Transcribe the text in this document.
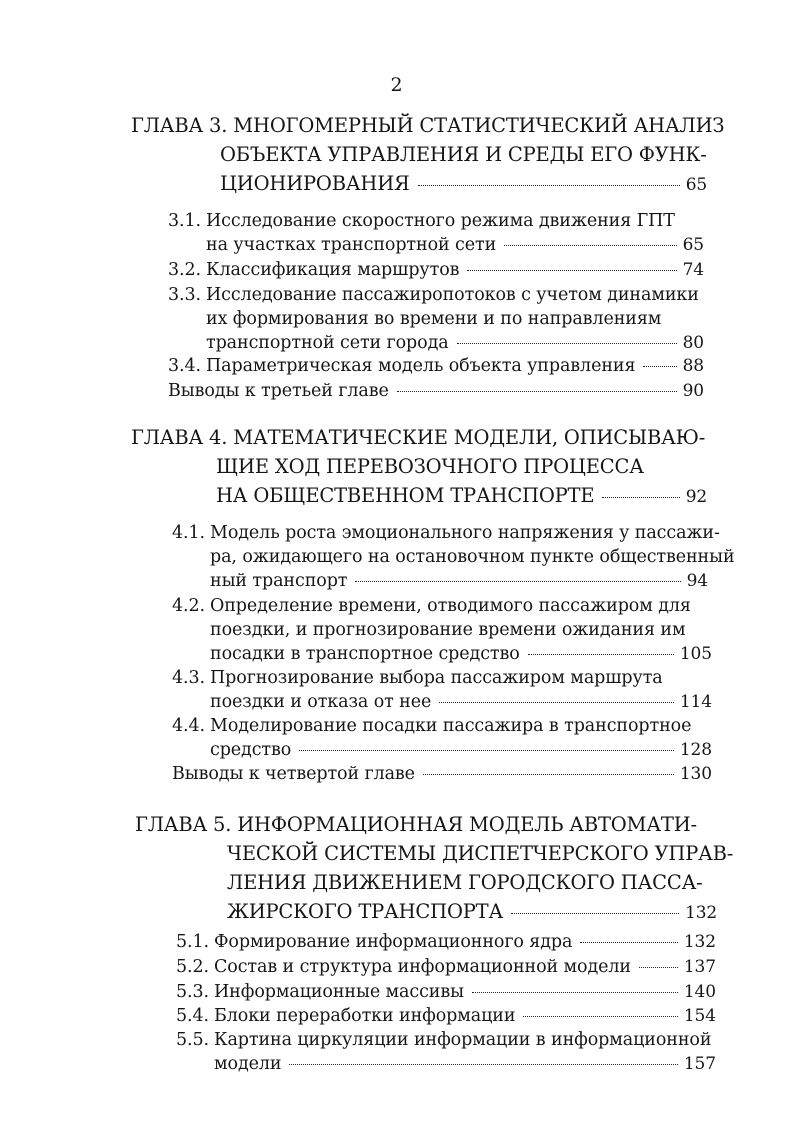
2
ГЛАВА 3. МНОГОМЕРНЫЙ СТАТИСТИЧЕСКИЙ АНАЛИЗ
ОБЪЕКТА УПРАВЛЕНИЯ И СРЕДЫ ЕГО ФУНК-
ЦИОНИРОВАНИЯ	65
3.1. Исследование скоростного режима движения ГПТ
на участках транспортной сети	65
3.2. Классификация маршрутов	74
3.3. Исследование пассажиропотоков с учетом динамики
их формирования во времени и по направлениям
транспортной сети города	80
3.4. Параметрическая модель объекта управления	88
Выводы к третьей главе	90
ГЛАВА 4. МАТЕМАТИЧЕСКИЕ МОДЕЛИ, ОПИСЫВАЮ-
ЩИЕ ХОД ПЕРЕВОЗОЧНОГО ПРОЦЕССА
НА ОБЩЕСТВЕННОМ ТРАНСПОРТЕ	92
4.1. Модель роста эмоционального напряжения у пассажи-
ра, ожидающего на остановочном пункте общественный
ный транспорт	94
4.2. Определение времени, отводимого пассажиром для
поездки, и прогнозирование времени ожидания им
посадки в транспортное средство	105
4.3. Прогнозирование выбора пассажиром маршрута
поездки и отказа от нее	114
4.4. Моделирование посадки пассажира в транспортное
средство	128
Выводы к четвертой главе	130
ГЛАВА 5. ИНФОРМАЦИОННАЯ МОДЕЛЬ АВТОМАТИ-
ЧЕСКОЙ СИСТЕМЫ ДИСПЕТЧЕРСКОГО УПРАВ-
ЛЕНИЯ ДВИЖЕНИЕМ ГОРОДСКОГО ПАССА-
ЖИРСКОГО ТРАНСПОРТА	132
5.1. Формирование информационного ядра	132
5.2. Состав и структура информационной модели	137
5.3. Информационные массивы	140
5.4. Блоки переработки информации	154
5.5. Картина циркуляции информации в информационной
модели	157
